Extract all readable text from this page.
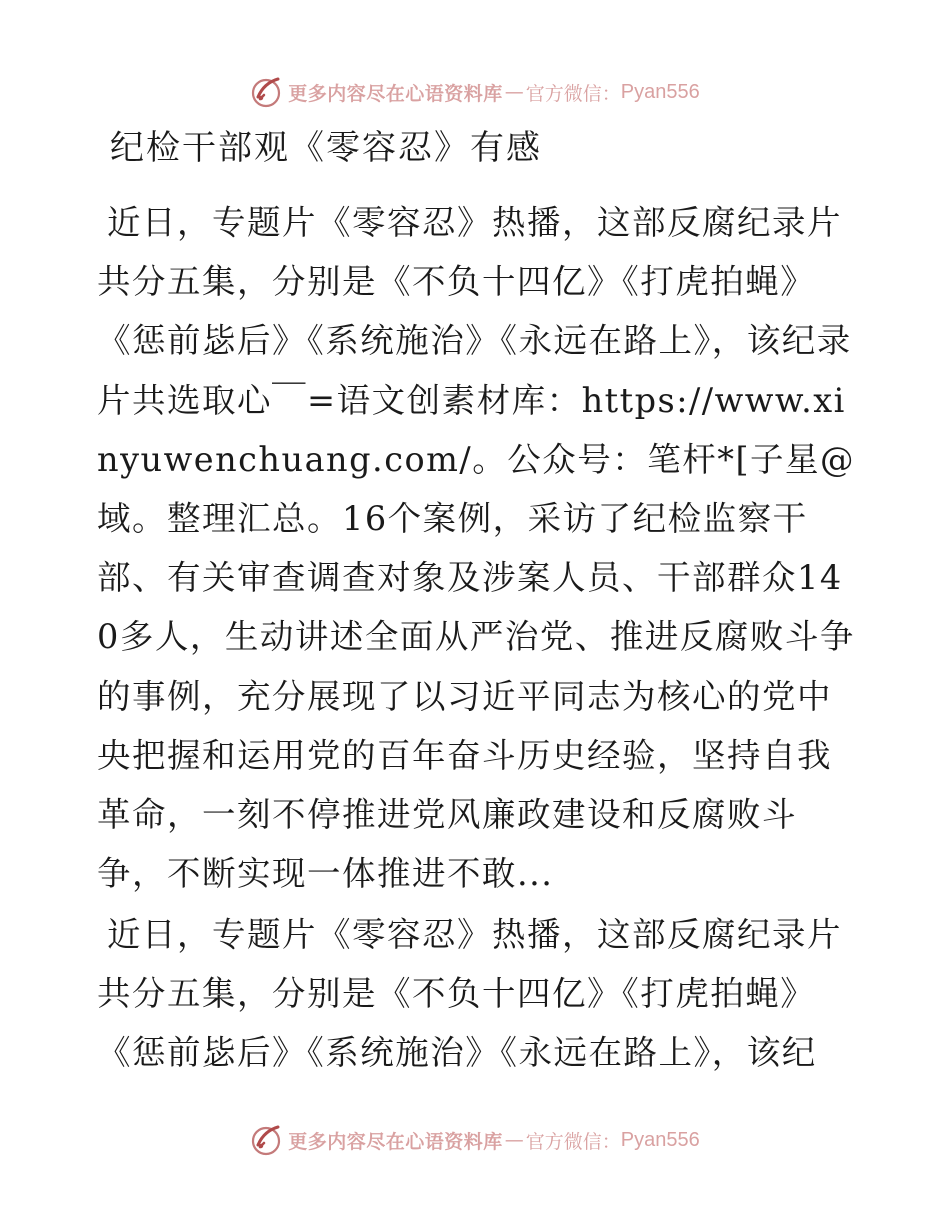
更多内容尽在心语资料库 — 官方微信： Pyan556
纪检干部观《零容忍》有感

近日，专题片《零容忍》热播，这部反腐纪录片共分五集，分别是《不负十四亿》《打虎拍蝇》《惩前毖后》《系统施治》《永远在路上》，该纪录片共选取心￣=语文创素材库：https://www.xinyuwenchuang.com/。公众号：笔杆*[子星@域。整理汇总。16个案例，采访了纪检监察干部、有关审查调查对象及涉案人员、干部群众140多人，生动讲述全面从严治党、推进反腐败斗争的事例，充分展现了以习近平同志为核心的党中央把握和运用党的百年奋斗历史经验，坚持自我革命，一刻不停推进党风廉政建设和反腐败斗争，不断实现一体推进不敢...

近日，专题片《零容忍》热播，这部反腐纪录片共分五集，分别是《不负十四亿》《打虎拍蝇》《惩前毖后》《系统施治》《永远在路上》，该纪

更多内容尽在心语资料库 — 官方微信： Pyan556
